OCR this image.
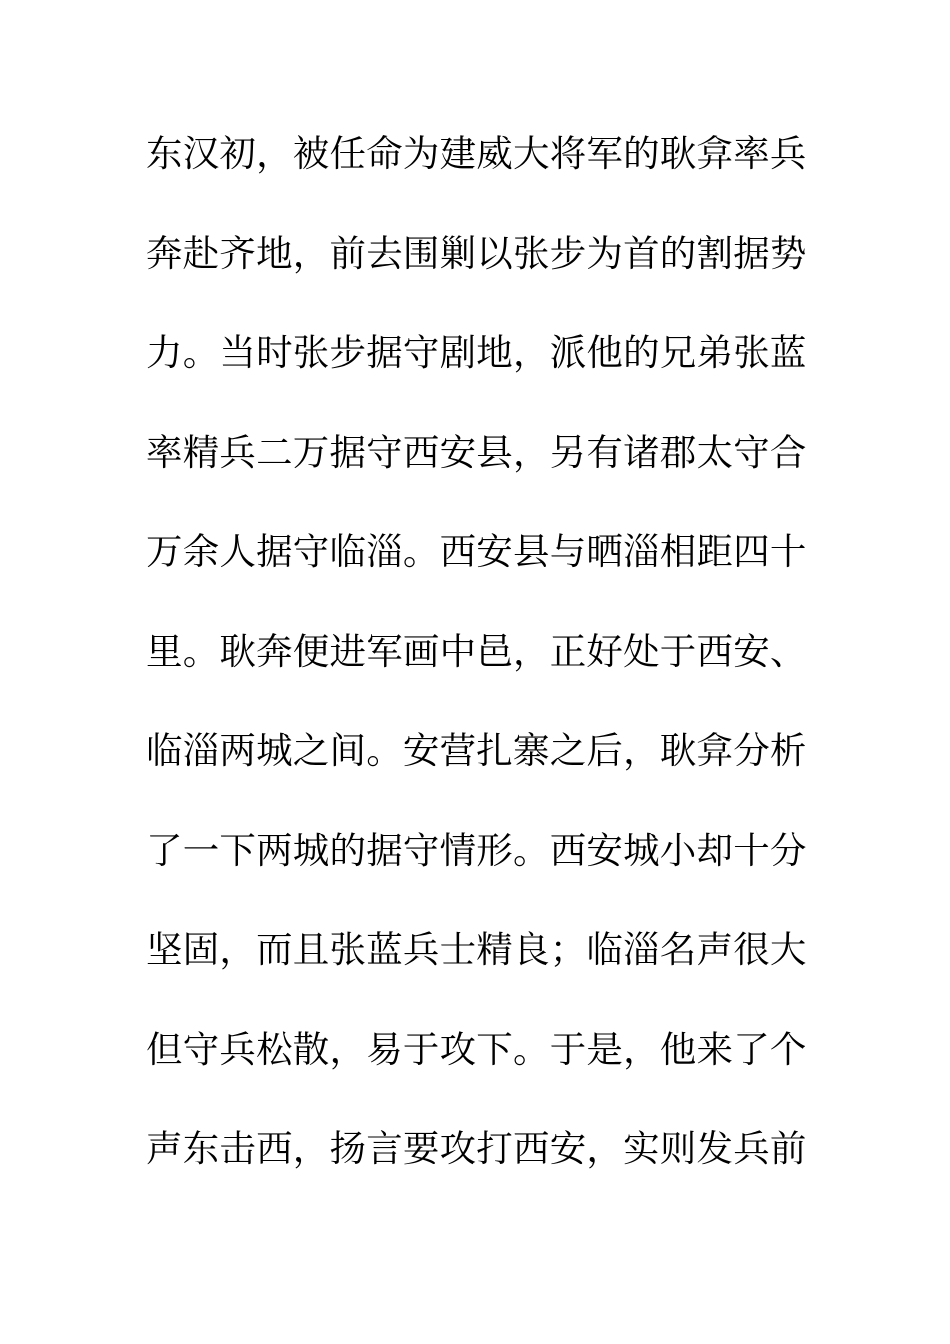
东汉初，被任命为建威大将军的耿弇率兵
奔赴齐地，前去围剿以张步为首的割据势
力。当时张步据守剧地，派他的兄弟张蓝
率精兵二万据守西安县，另有诸郡太守合
万余人据守临淄。西安县与晒淄相距四十
里。耿奔便进军画中邑，正好处于西安、
临淄两城之间。安营扎寨之后，耿弇分析
了一下两城的据守情形。西安城小却十分
坚固，而且张蓝兵士精良；临淄名声很大
但守兵松散，易于攻下。于是，他来了个
声东击西，扬言要攻打西安，实则发兵前
